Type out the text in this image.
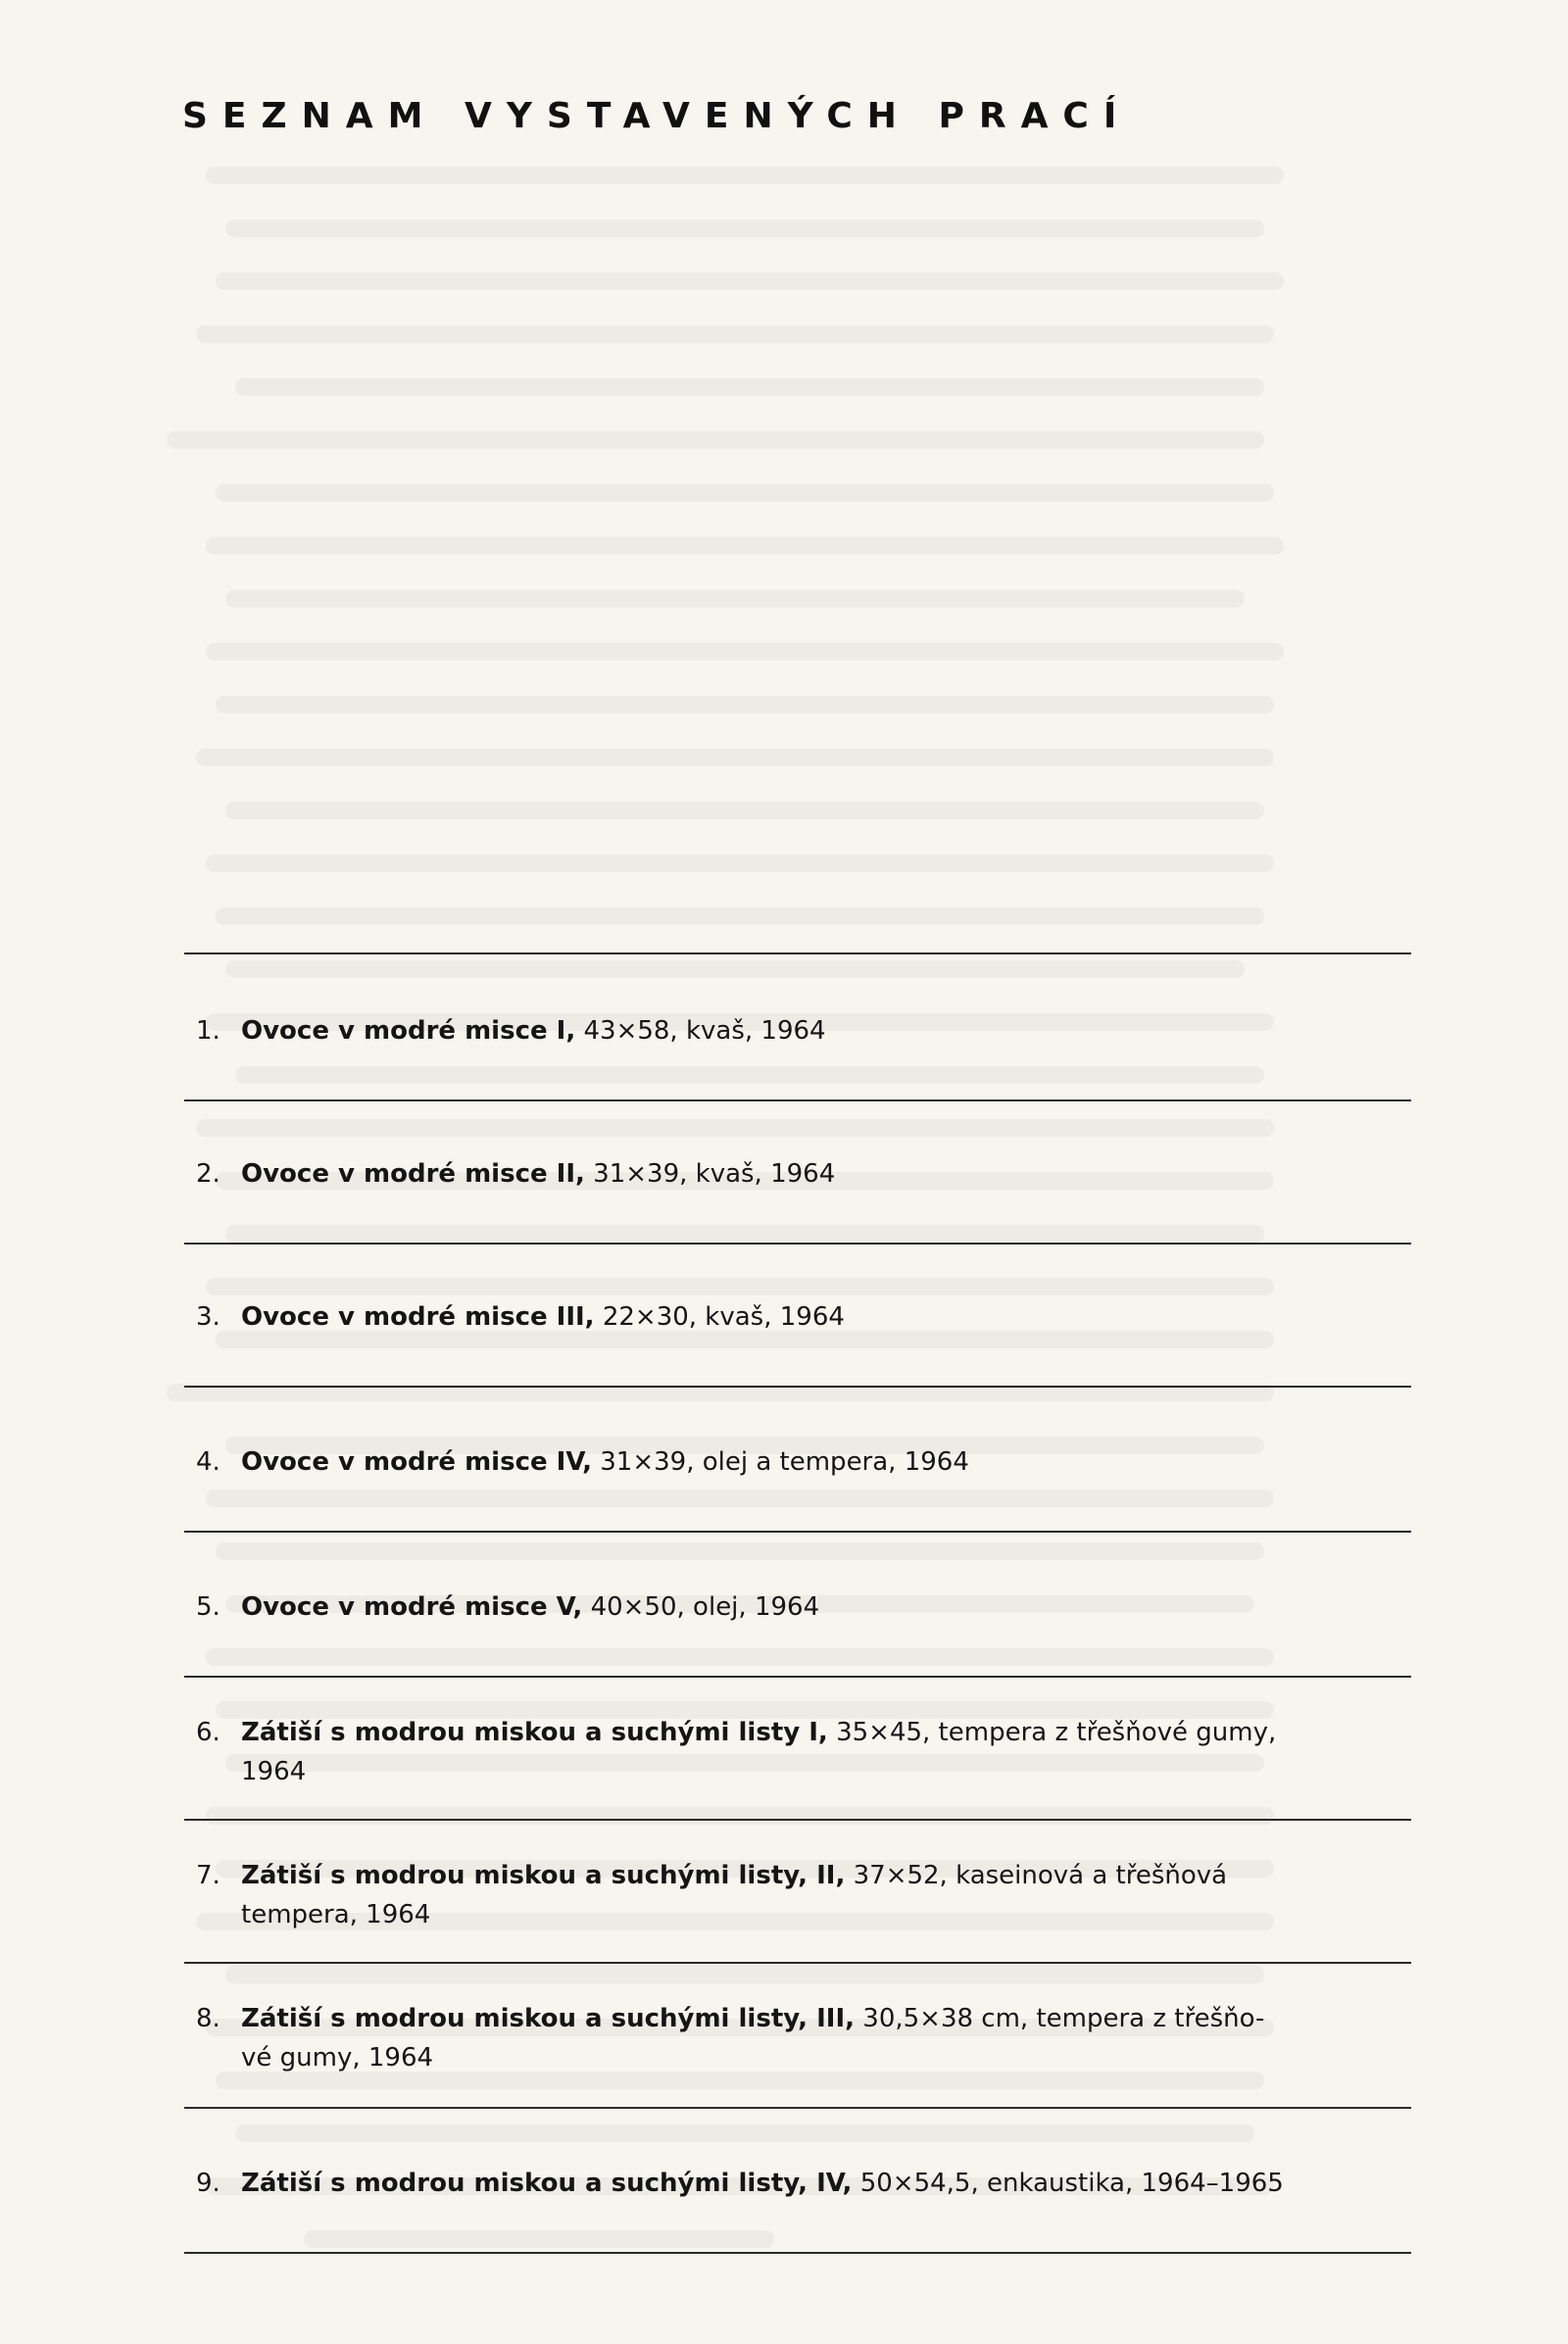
SEZNAM VYSTAVENÝCH PRACÍ
1. Ovoce v modré misce I, 43×58, kvaš, 1964
2. Ovoce v modré misce II, 31×39, kvaš, 1964
3. Ovoce v modré misce III, 22×30, kvaš, 1964
4. Ovoce v modré misce IV, 31×39, olej a tempera, 1964
5. Ovoce v modré misce V, 40×50, olej, 1964
6. Zátiší s modrou miskou a suchými listy I, 35×45, tempera z třešňové gumy,
1964
7. Zátiší s modrou miskou a suchými listy, II, 37×52, kaseinová a třešňová
tempera, 1964
8. Zátiší s modrou miskou a suchými listy, III, 30,5×38 cm, tempera z třešňo-
vé gumy, 1964
9. Zátiší s modrou miskou a suchými listy, IV, 50×54,5, enkaustika, 1964–1965
